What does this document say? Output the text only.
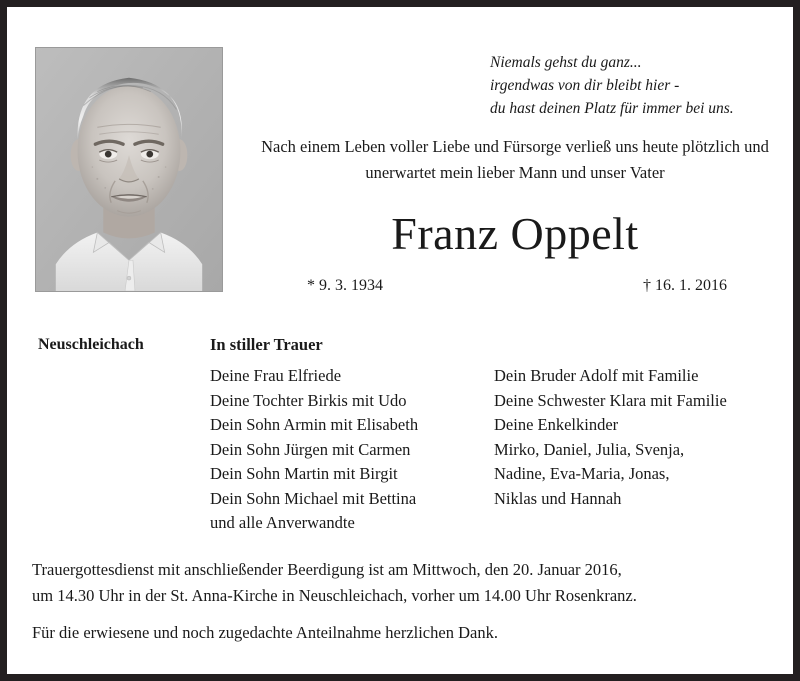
Niemals gehst du ganz...
irgendwas von dir bleibt hier -
du hast deinen Platz für immer bei uns.
Nach einem Leben voller Liebe und Fürsorge verließ uns heute plötzlich und unerwartet mein lieber Mann und unser Vater
Franz Oppelt
* 9. 3. 1934	† 16. 1. 2016
Neuschleichach	In stiller Trauer
Deine Frau Elfriede
Deine Tochter Birkis mit Udo
Dein Sohn Armin mit Elisabeth
Dein Sohn Jürgen mit Carmen
Dein Sohn Martin mit Birgit
Dein Sohn Michael mit Bettina
und alle Anverwandte
Dein Bruder Adolf mit Familie
Deine Schwester Klara mit Familie
Deine Enkelkinder
Mirko, Daniel, Julia, Svenja,
Nadine, Eva-Maria, Jonas,
Niklas und Hannah
Trauergottesdienst mit anschließender Beerdigung ist am Mittwoch, den 20. Januar 2016,
um 14.30 Uhr in der St. Anna-Kirche in Neuschleichach, vorher um 14.00 Uhr Rosenkranz.
Für die erwiesene und noch zugedachte Anteilnahme herzlichen Dank.
